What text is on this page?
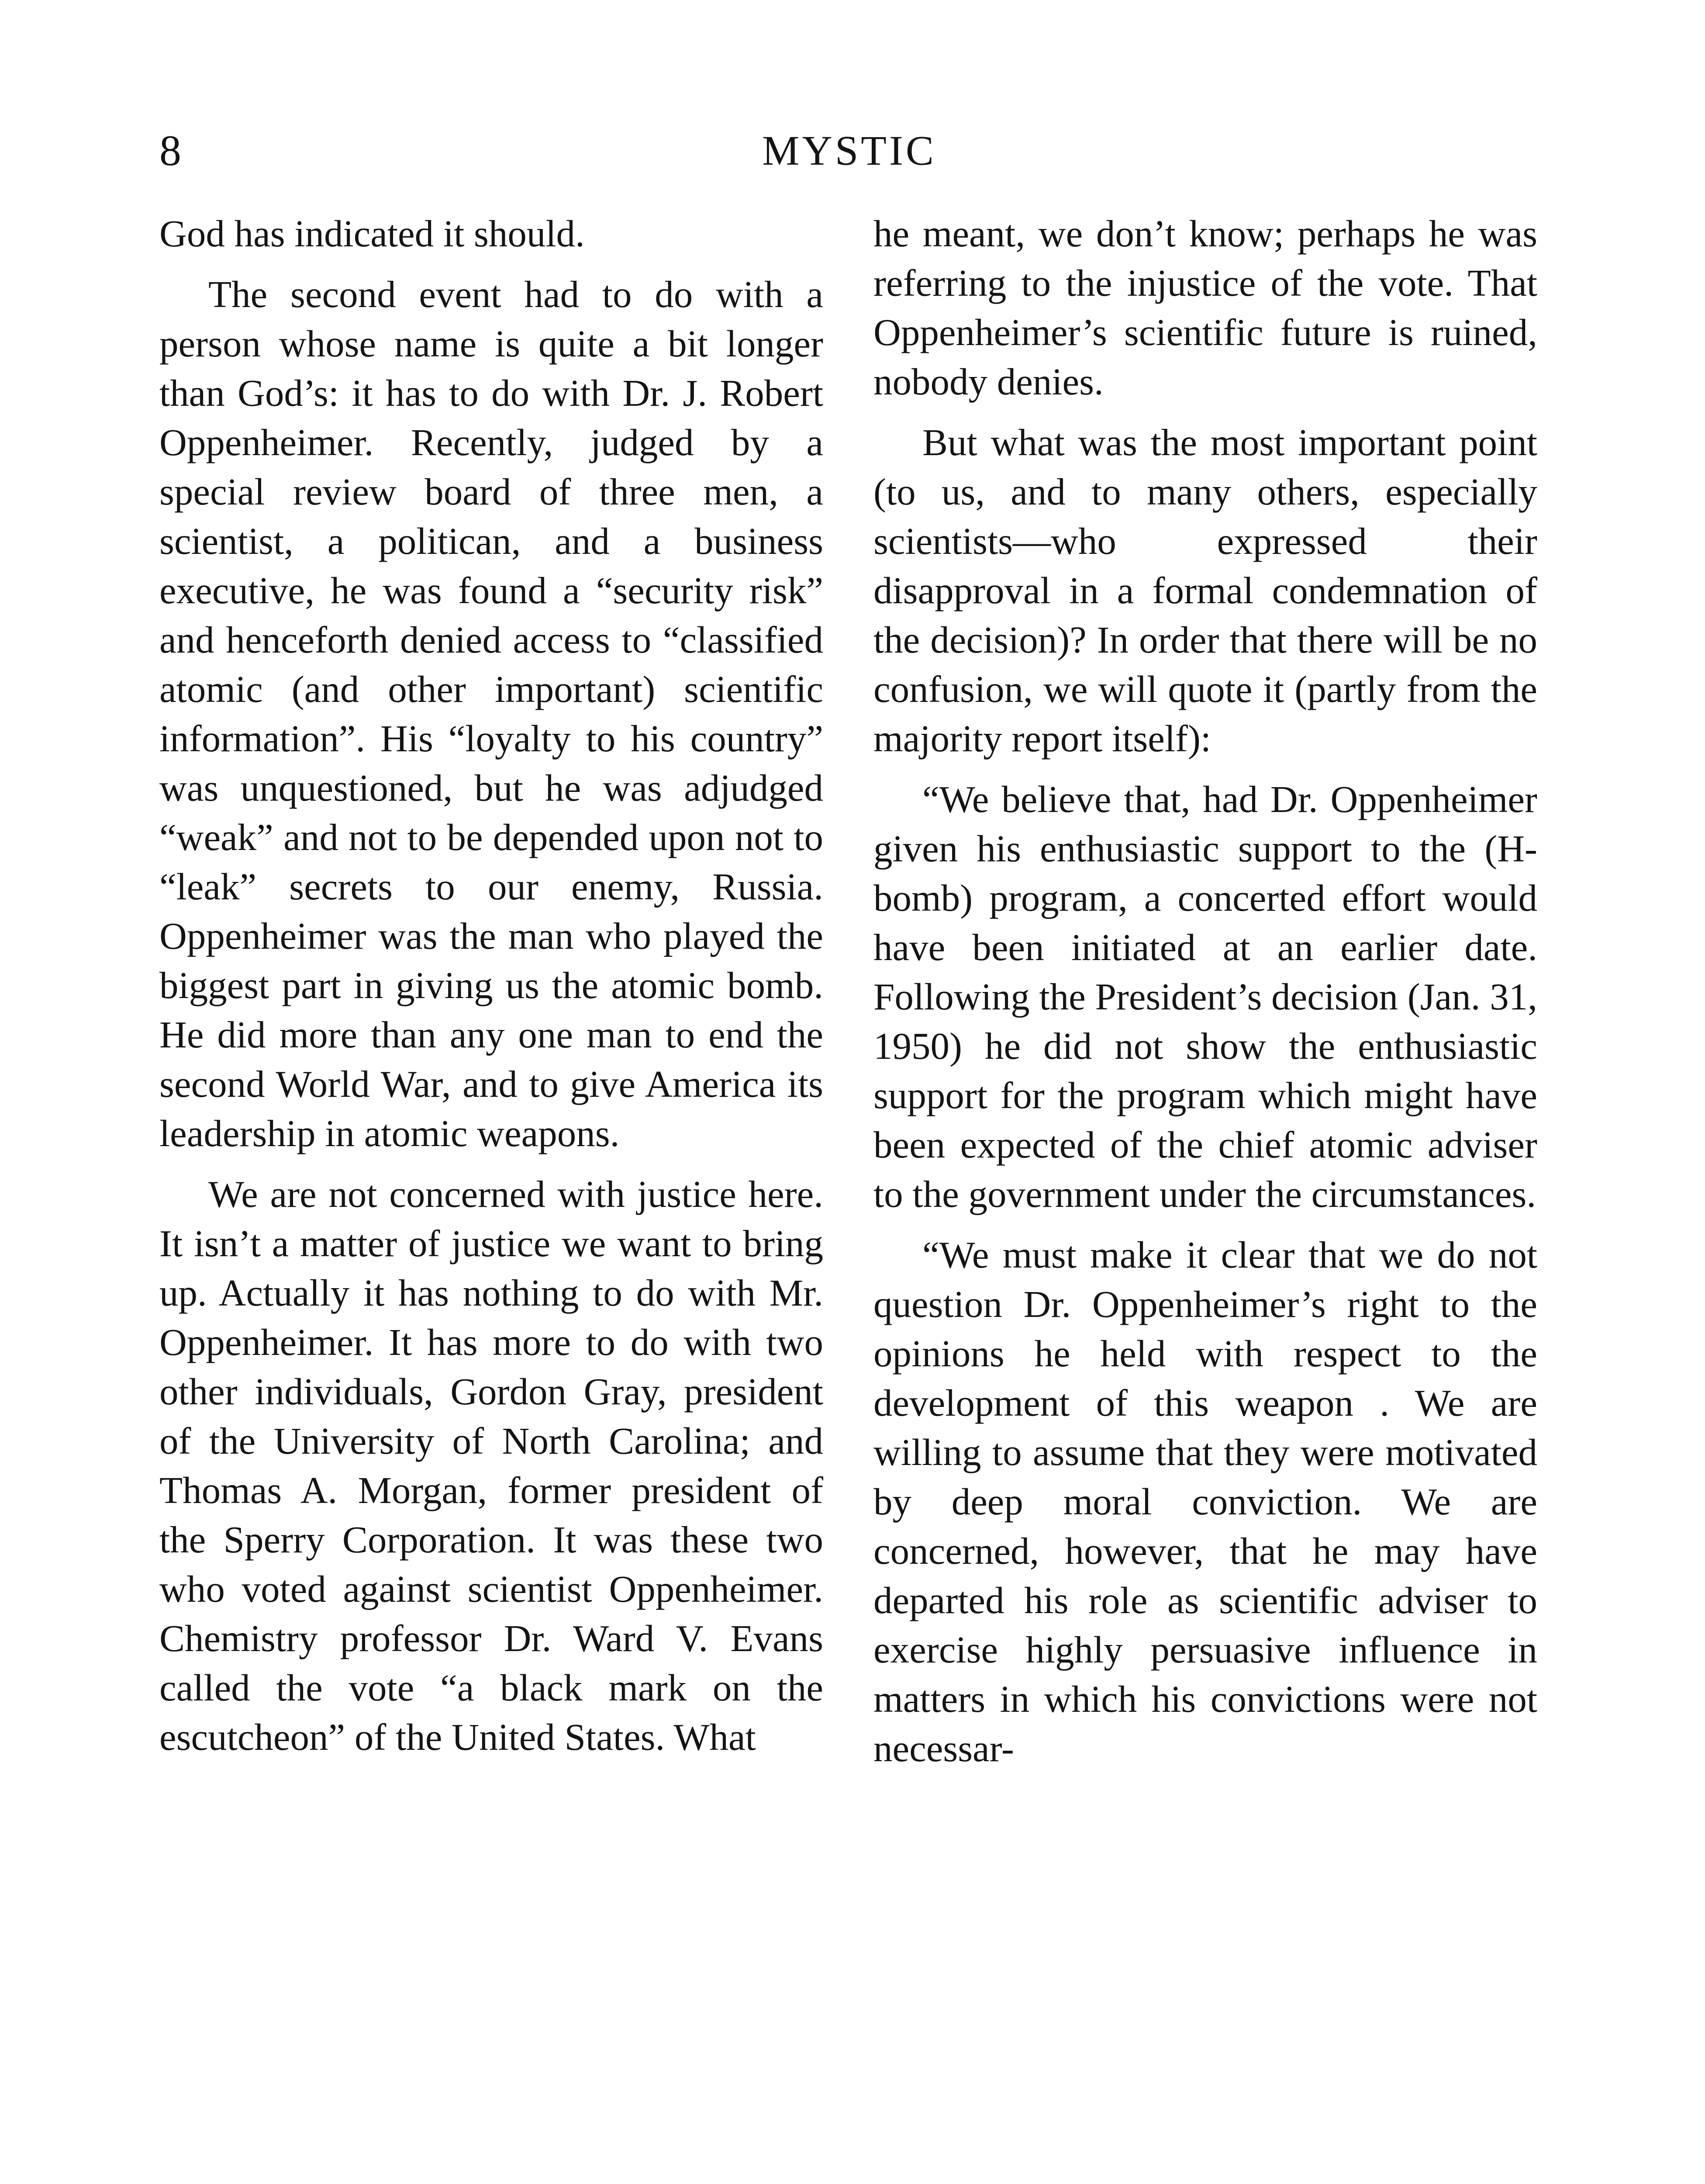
8	MYSTIC

God has indicated it should.

The second event had to do with a person whose name is quite a bit longer than God’s: it has to do with Dr. J. Robert Oppenheimer. Recently, judged by a special review board of three men, a scientist, a politican, and a business executive, he was found a “security risk” and henceforth denied access to “classified atomic (and other important) scientific information”. His “loyalty to his country” was unquestioned, but he was adjudged “weak” and not to be depended upon not to “leak” secrets to our enemy, Russia. Oppenheimer was the man who played the biggest part in giving us the atomic bomb. He did more than any one man to end the second World War, and to give America its leadership in atomic weapons.

We are not concerned with justice here. It isn’t a matter of justice we want to bring up. Actually it has nothing to do with Mr. Oppenheimer. It has more to do with two other individuals, Gordon Gray, president of the University of North Carolina; and Thomas A. Morgan, former president of the Sperry Corporation. It was these two who voted against scientist Oppenheimer. Chemistry professor Dr. Ward V. Evans called the vote “a black mark on the escutcheon” of the United States. What

he meant, we don’t know; perhaps he was referring to the injustice of the vote. That Oppenheimer’s scientific future is ruined, nobody denies.

But what was the most important point (to us, and to many others, especially scientists—who expressed their disapproval in a formal condemnation of the decision)? In order that there will be no confusion, we will quote it (partly from the majority report itself):

“We believe that, had Dr. Oppenheimer given his enthusiastic support to the (H-bomb) program, a concerted effort would have been initiated at an earlier date. Following the President’s decision (Jan. 31, 1950) he did not show the enthusiastic support for the program which might have been expected of the chief atomic adviser to the government under the circumstances.

“We must make it clear that we do not question Dr. Oppenheimer’s right to the opinions he held with respect to the development of this weapon . We are willing to assume that they were motivated by deep moral conviction. We are concerned, however, that he may have departed his role as scientific adviser to exercise highly persuasive influence in matters in which his convictions were not necessar-
